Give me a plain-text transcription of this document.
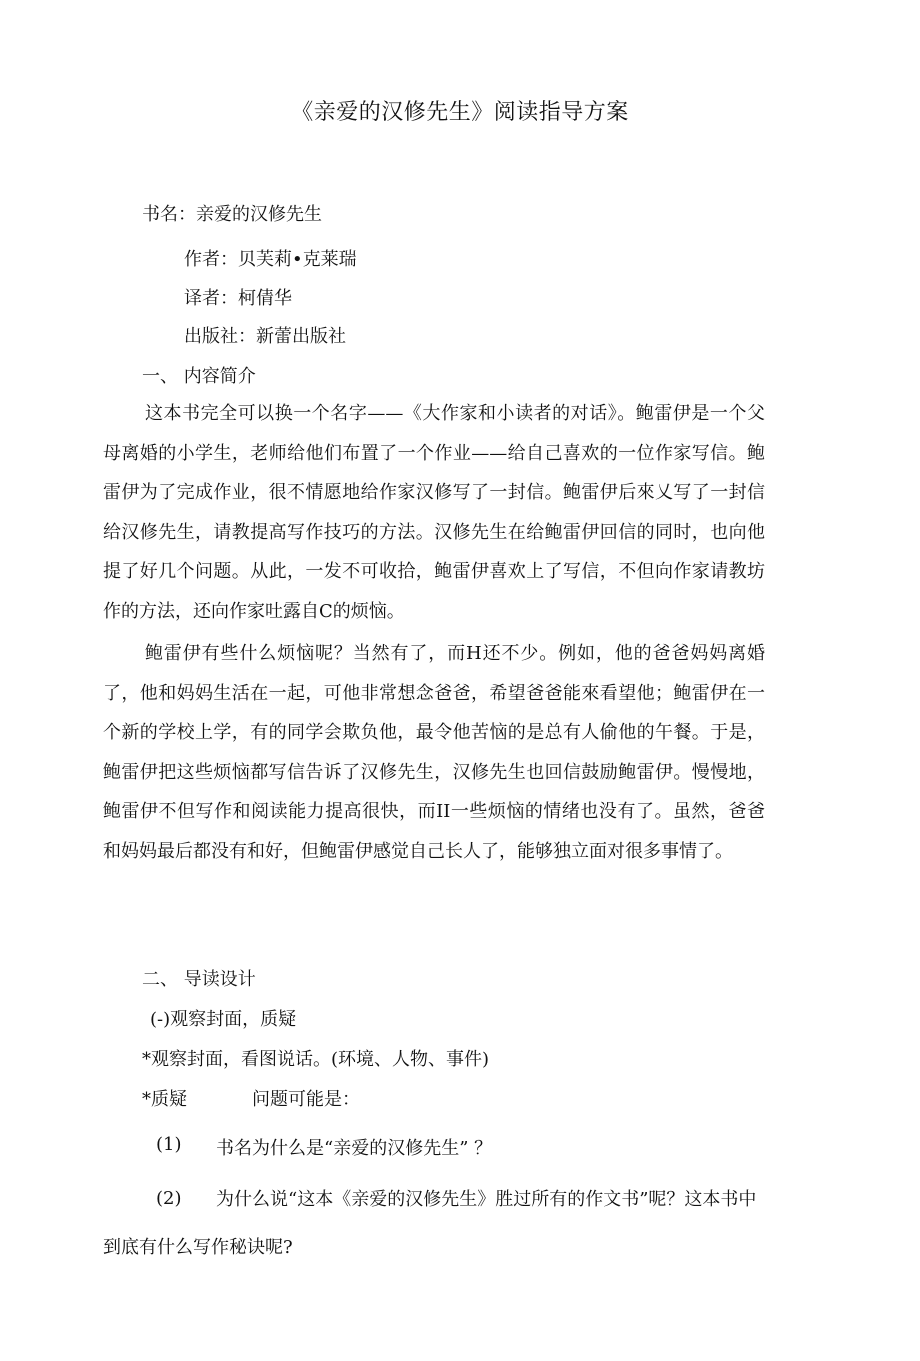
《亲爱的汉修先生》阅读指导方案
书名：亲爱的汉修先生
作者：贝芙莉•克莱瑞
译者：柯倩华
出版社：新蕾出版社
一、 内容简介

这本书完全可以换一个名字——《大作家和小读者的对话》。鲍雷伊是一个父母离婚的小学生，老师给他们布置了一个作业——给自己喜欢的一位作家写信。鲍雷伊为了完成作业，很不情愿地给作家汉修写了一封信。鲍雷伊后來乂写了一封信给汉修先生，请教提高写作技巧的方法。汉修先生在给鲍雷伊回信的同时，也向他提了好几个问题。从此，一发不可收拾，鲍雷伊喜欢上了写信，不但向作家请教坊作的方法，还向作家吐露自C的烦恼。

鲍雷伊有些什么烦恼呢？当然有了，而H还不少。例如，他的爸爸妈妈离婚了，他和妈妈生活在一起，可他非常想念爸爸，希望爸爸能來看望他；鲍雷伊在一个新的学校上学，有的同学会欺负他，最令他苦恼的是总有人偷他的午餐。于是，鲍雷伊把这些烦恼都写信告诉了汉修先生，汉修先生也回信鼓励鲍雷伊。慢慢地，鲍雷伊不但写作和阅读能力提高很快，而II一些烦恼的情绪也没有了。虽然，爸爸和妈妈最后都没有和好，但鲍雷伊感觉自己长人了，能够独立面对很多事情了。

二、 导读设计
(-)观察封面，质疑
*观察封面，看图说话。(环境、人物、事件)
*质疑	问题可能是：
(1) 书名为什么是“亲爱的汉修先生” ？
(2)	为什么说“这本《亲爱的汉修先生》胜过所有的作文书”呢？这本书中到底有什么写作秘诀呢?
